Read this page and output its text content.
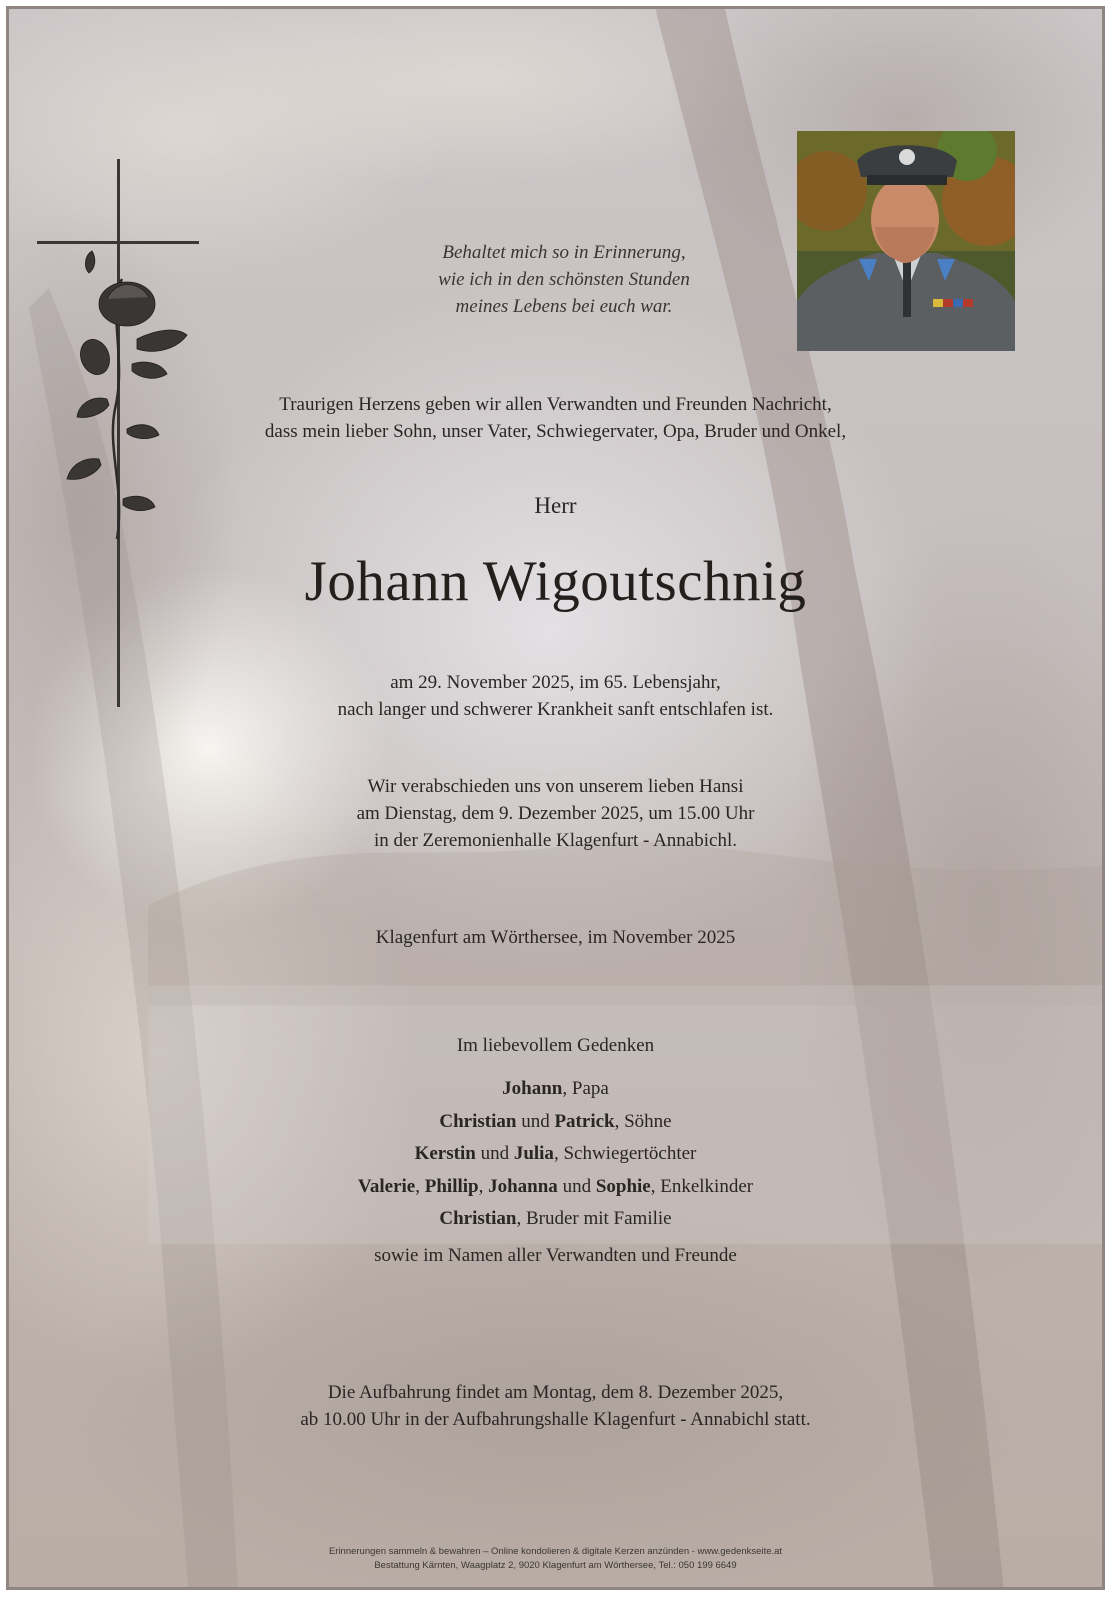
Behaltet mich so in Erinnerung,
wie ich in den schönsten Stunden
meines Lebens bei euch war.
Traurigen Herzens geben wir allen Verwandten und Freunden Nachricht,
dass mein lieber Sohn, unser Vater, Schwiegervater, Opa, Bruder und Onkel,
Herr
Johann Wigoutschnig
am 29. November 2025, im 65. Lebensjahr,
nach langer und schwerer Krankheit sanft entschlafen ist.
Wir verabschieden uns von unserem lieben Hansi
am Dienstag, dem 9. Dezember 2025, um 15.00 Uhr
in der Zeremonienhalle Klagenfurt - Annabichl.
Klagenfurt am Wörthersee, im November 2025
Im liebevollem Gedenken
Johann, Papa
Christian und Patrick, Söhne
Kerstin und Julia, Schwiegertöchter
Valerie, Phillip, Johanna und Sophie, Enkelkinder
Christian, Bruder mit Familie
sowie im Namen aller Verwandten und Freunde
Die Aufbahrung findet am Montag, dem 8. Dezember 2025,
ab 10.00 Uhr in der Aufbahrungshalle Klagenfurt - Annabichl statt.
Erinnerungen sammeln & bewahren – Online kondolieren & digitale Kerzen anzünden - www.gedenkseite.at
Bestattung Kärnten, Waagplatz 2, 9020 Klagenfurt am Wörthersee, Tel.: 050 199 6649
